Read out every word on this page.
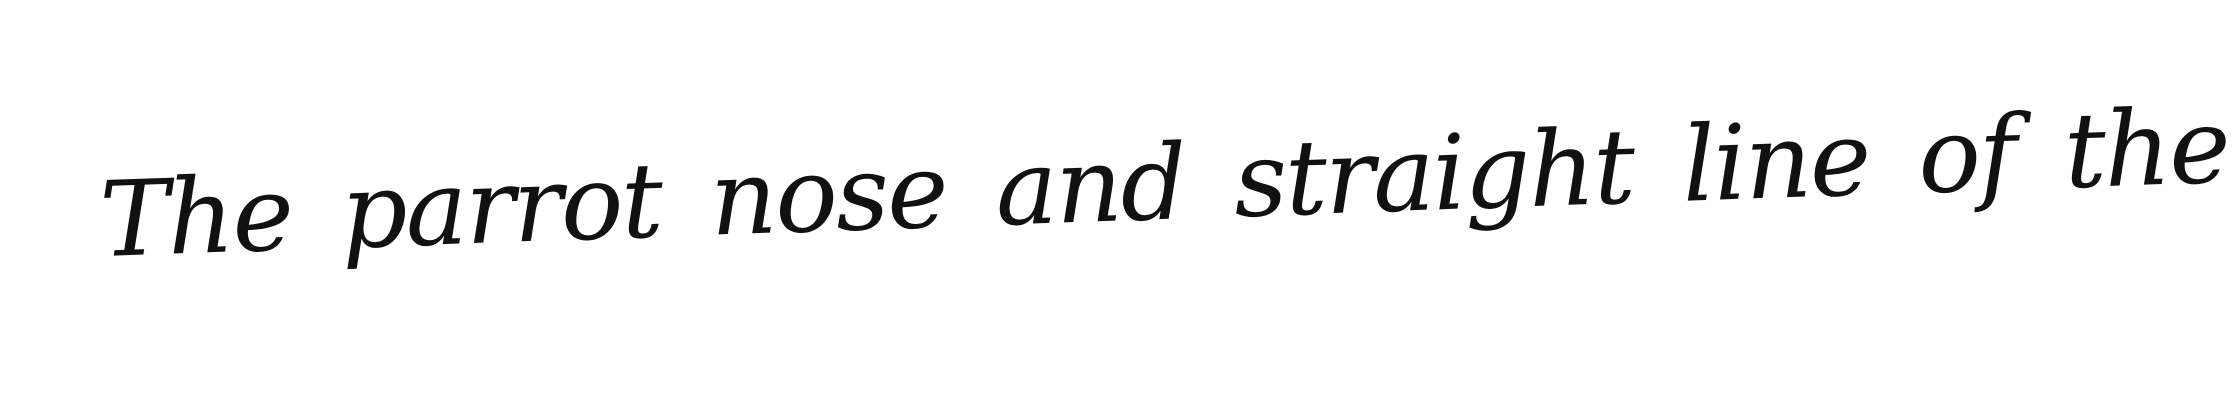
The parrot nose and straight line of the
